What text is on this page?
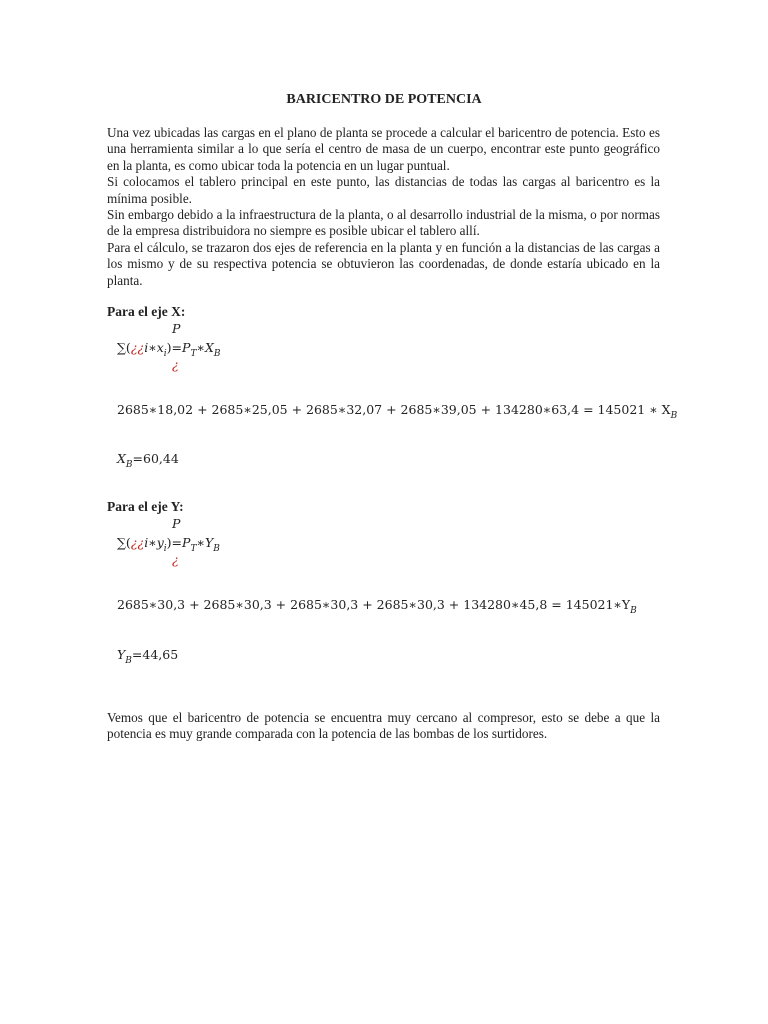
BARICENTRO DE POTENCIA

Una vez ubicadas las cargas en el plano de planta se procede a calcular el baricentro de potencia. Esto es una herramienta similar a lo que sería el centro de masa de un cuerpo, encontrar este punto geográfico en la planta, es como ubicar toda la potencia en un lugar puntual.

Si colocamos el tablero principal en este punto, las distancias de todas las cargas al baricentro es la mínima posible.

Sin embargo debido a la infraestructura de la planta, o al desarrollo industrial de la misma, o por normas de la empresa distribuidora no siempre es posible ubicar el tablero allí.

Para el cálculo, se trazaron dos ejes de referencia en la planta y en función a la distancias de las cargas a los mismo y de su respectiva potencia se obtuvieron las coordenadas, de donde estaría ubicado en la planta.

Para el eje X:
P
$\sum(¿¿i∗x_i)=P_T∗X_B$
¿
2685∗18,02 + 2685∗25,05 + 2685∗32,07 + 2685∗39,05 + 134280∗63,4 = 145021 ∗ $X_B$
$X_B=60,44$
Para el eje Y:
P
$\sum(¿¿i∗y_i)=P_T∗Y_B$
¿
2685∗30,3 + 2685∗30,3 + 2685∗30,3 + 2685∗30,3 + 134280∗45,8 = $145021∗Y_B$
$Y_B=44,65$

Vemos que el baricentro de potencia se encuentra muy cercano al compresor, esto se debe a que la potencia es muy grande comparada con la potencia de las bombas de los surtidores.
